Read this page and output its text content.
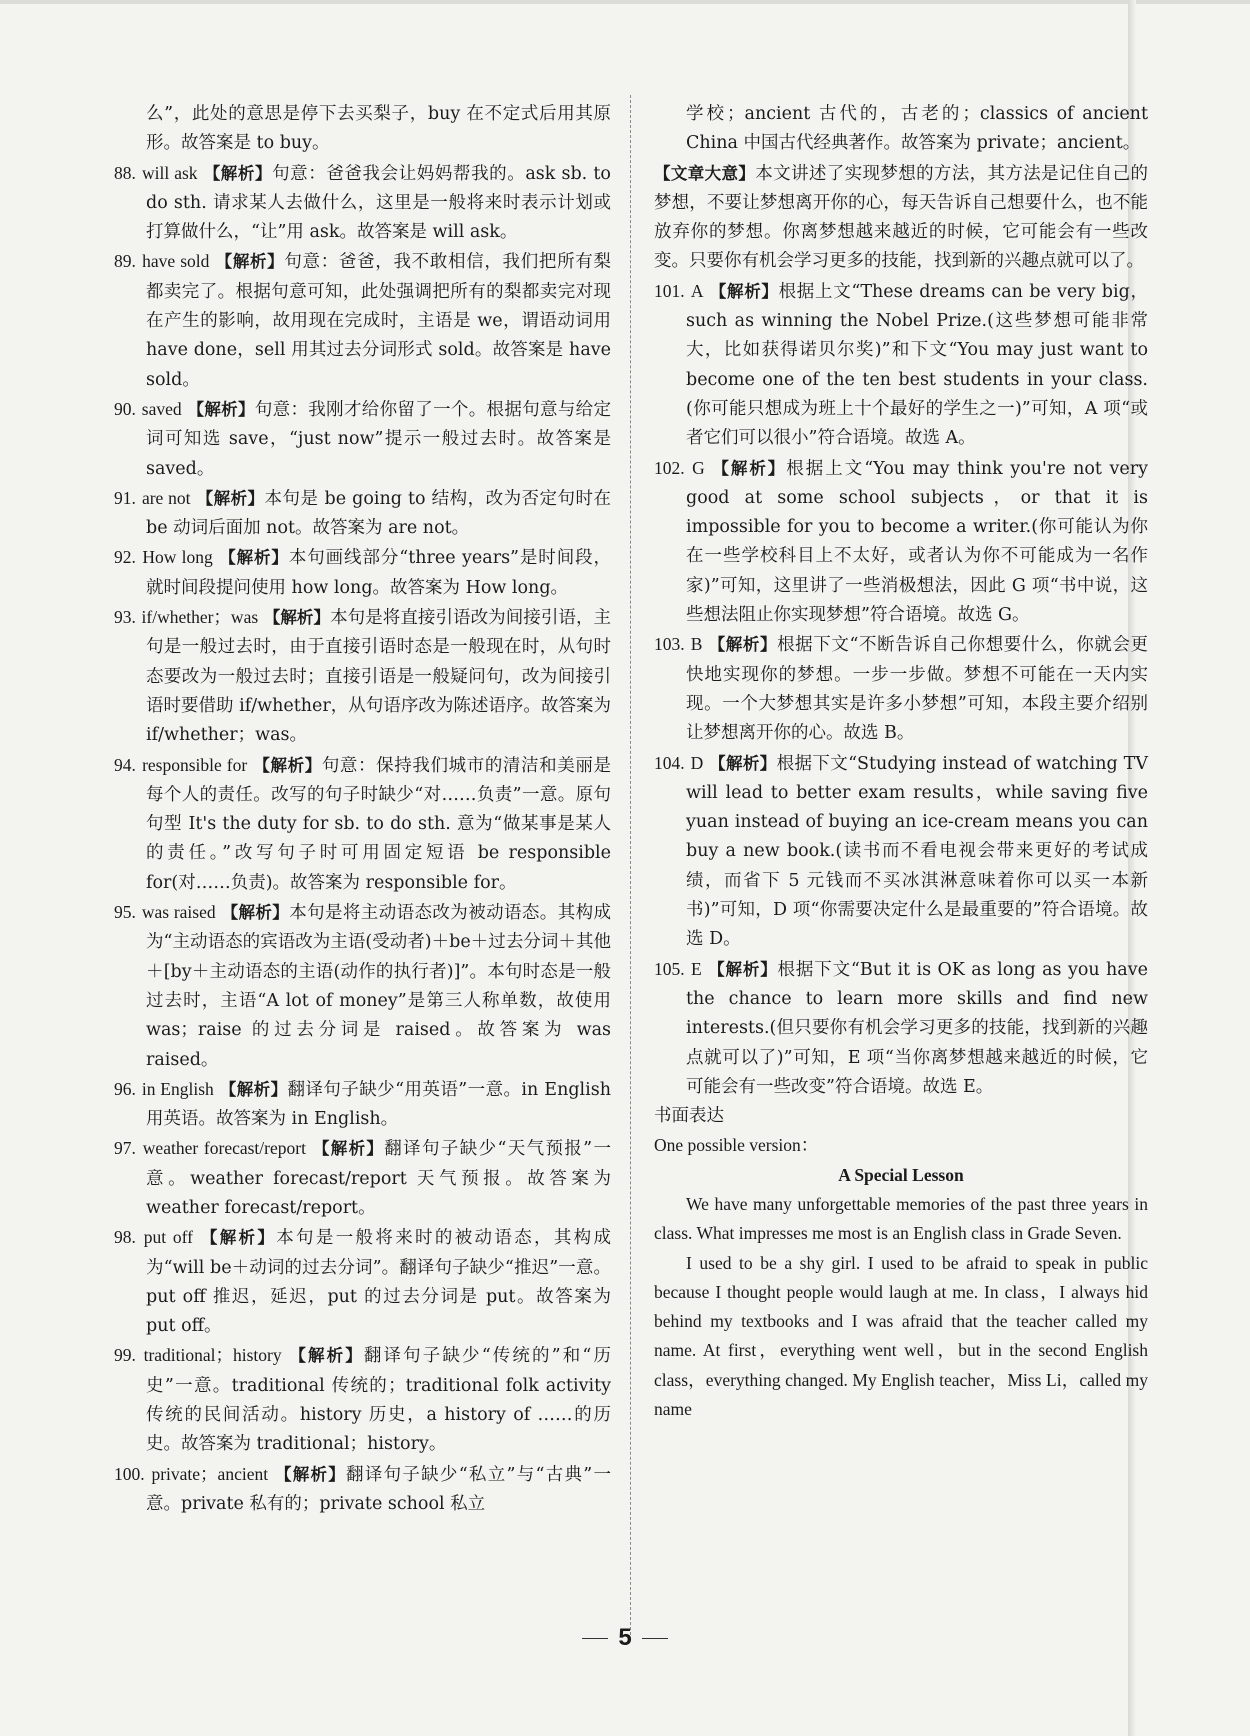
么”，此处的意思是停下去买梨子，buy 在不定式后用其原形。故答案是 to buy。

88. will ask 【解析】句意：爸爸我会让妈妈帮我的。ask sb. to do sth. 请求某人去做什么，这里是一般将来时表示计划或打算做什么，“让”用 ask。故答案是 will ask。

89. have sold 【解析】句意：爸爸，我不敢相信，我们把所有梨都卖完了。根据句意可知，此处强调把所有的梨都卖完对现在产生的影响，故用现在完成时，主语是 we，谓语动词用 have done，sell 用其过去分词形式 sold。故答案是 have sold。

90. saved 【解析】句意：我刚才给你留了一个。根据句意与给定词可知选 save，“just now”提示一般过去时。故答案是 saved。

91. are not 【解析】本句是 be going to 结构，改为否定句时在 be 动词后面加 not。故答案为 are not。

92. How long 【解析】本句画线部分“three years”是时间段，就时间段提问使用 how long。故答案为 How long。

93. if/whether；was 【解析】本句是将直接引语改为间接引语，主句是一般过去时，由于直接引语时态是一般现在时，从句时态要改为一般过去时；直接引语是一般疑问句，改为间接引语时要借助 if/whether，从句语序改为陈述语序。故答案为 if/whether；was。

94. responsible for 【解析】句意：保持我们城市的清洁和美丽是每个人的责任。改写的句子时缺少“对……负责”一意。原句句型 It's the duty for sb. to do sth. 意为“做某事是某人的责任。”改写句子时可用固定短语 be responsible for(对……负责)。故答案为 responsible for。

95. was raised 【解析】本句是将主动语态改为被动语态。其构成为“主动语态的宾语改为主语(受动者)＋be＋过去分词＋其他＋[by＋主动语态的主语(动作的执行者)]”。本句时态是一般过去时，主语“A lot of money”是第三人称单数，故使用 was；raise 的过去分词是 raised。故答案为 was raised。

96. in English 【解析】翻译句子缺少“用英语”一意。in English 用英语。故答案为 in English。

97. weather forecast/report 【解析】翻译句子缺少“天气预报”一意。weather forecast/report 天气预报。故答案为 weather forecast/report。

98. put off 【解析】本句是一般将来时的被动语态，其构成为“will be＋动词的过去分词”。翻译句子缺少“推迟”一意。put off 推迟，延迟，put 的过去分词是 put。故答案为 put off。

99. traditional；history 【解析】翻译句子缺少“传统的”和“历史”一意。traditional 传统的；traditional folk activity 传统的民间活动。history 历史，a history of ……的历史。故答案为 traditional；history。

100. private；ancient 【解析】翻译句子缺少“私立”与“古典”一意。private 私有的；private school 私立

学校；ancient 古代的，古老的；classics of ancient China 中国古代经典著作。故答案为 private；ancient。

【文章大意】本文讲述了实现梦想的方法，其方法是记住自己的梦想，不要让梦想离开你的心，每天告诉自己想要什么，也不能放弃你的梦想。你离梦想越来越近的时候，它可能会有一些改变。只要你有机会学习更多的技能，找到新的兴趣点就可以了。

101. A 【解析】根据上文“These dreams can be very big，such as winning the Nobel Prize.(这些梦想可能非常大，比如获得诺贝尔奖)”和下文“You may just want to become one of the ten best students in your class.(你可能只想成为班上十个最好的学生之一)”可知，A 项“或者它们可以很小”符合语境。故选 A。

102. G 【解析】根据上文“You may think you're not very good at some school subjects，or that it is impossible for you to become a writer.(你可能认为你在一些学校科目上不太好，或者认为你不可能成为一名作家)”可知，这里讲了一些消极想法，因此 G 项“书中说，这些想法阻止你实现梦想”符合语境。故选 G。

103. B 【解析】根据下文“不断告诉自己你想要什么，你就会更快地实现你的梦想。一步一步做。梦想不可能在一天内实现。一个大梦想其实是许多小梦想”可知，本段主要介绍别让梦想离开你的心。故选 B。

104. D 【解析】根据下文“Studying instead of watching TV will lead to better exam results，while saving five yuan instead of buying an ice-cream means you can buy a new book.(读书而不看电视会带来更好的考试成绩，而省下 5 元钱而不买冰淇淋意味着你可以买一本新书)”可知，D 项“你需要决定什么是最重要的”符合语境。故选 D。

105. E 【解析】根据下文“But it is OK as long as you have the chance to learn more skills and find new interests.(但只要你有机会学习更多的技能，找到新的兴趣点就可以了)”可知，E 项“当你离梦想越来越近的时候，它可能会有一些改变”符合语境。故选 E。

书面表达

One possible version：

A Special Lesson

We have many unforgettable memories of the past three years in class. What impresses me most is an English class in Grade Seven.

I used to be a shy girl. I used to be afraid to speak in public because I thought people would laugh at me. In class，I always hid behind my textbooks and I was afraid that the teacher called my name. At first，everything went well，but in the second English class，everything changed. My English teacher，Miss Li，called my name

5
